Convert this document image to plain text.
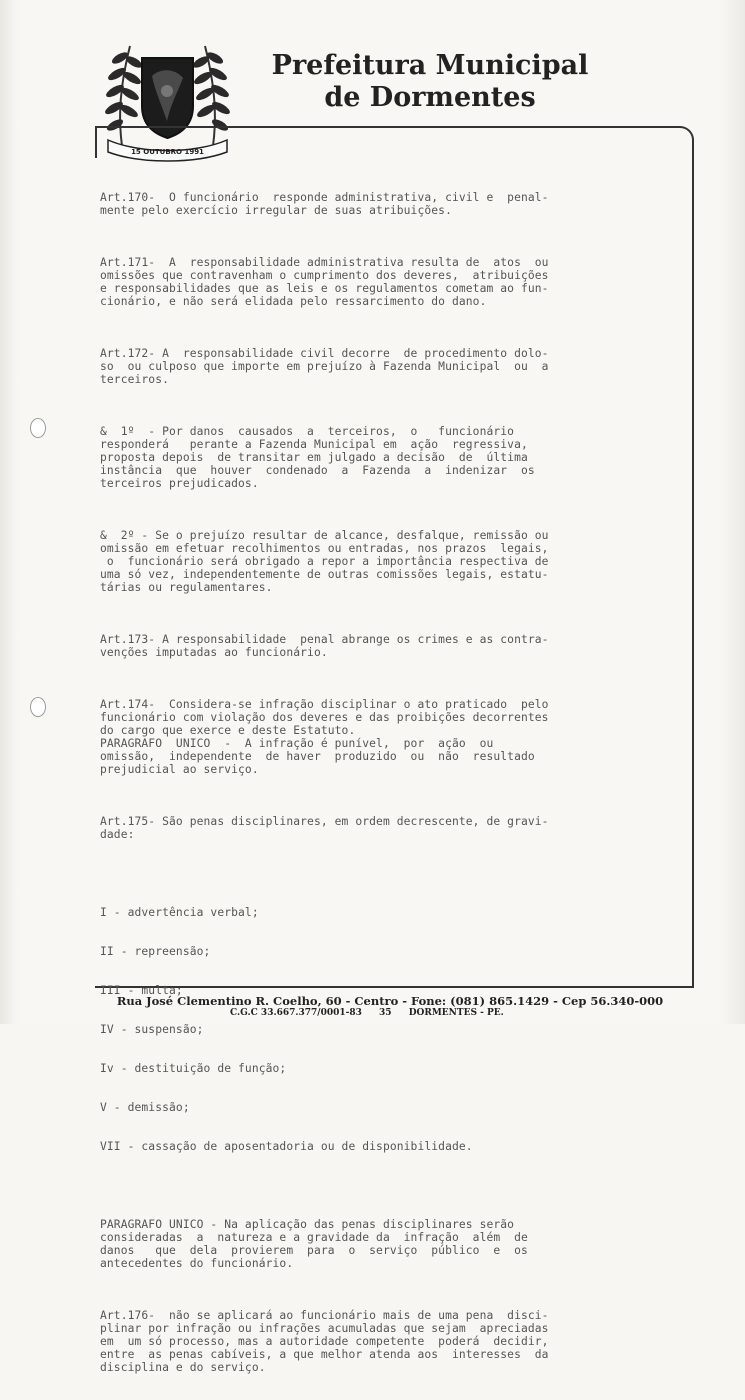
15 OUTUBRO 1991
Prefeitura Municipal
de Dormentes

Art.170-  O funcionário  responde administrativa, civil e  penal-
mente pelo exercício irregular de suas atribuições.

Art.171-  A  responsabilidade administrativa resulta de  atos  ou
omissões que contravenham o cumprimento dos deveres,  atribuições
e responsabilidades que as leis e os regulamentos cometam ao fun-
cionário, e não será elidada pelo ressarcimento do dano.

Art.172- A  responsabilidade civil decorre  de procedimento dolo-
so  ou culposo que importe em prejuízo à Fazenda Municipal  ou  a
terceiros.

&  1º  - Por danos  causados  a  terceiros,  o   funcionário
responderá   perante a Fazenda Municipal em  ação  regressiva,
proposta depois  de transitar em julgado a decisão  de  última
instância  que  houver  condenado  a  Fazenda  a  indenizar  os
terceiros prejudicados.

&  2º - Se o prejuízo resultar de alcance, desfalque, remissão ou
omissão em efetuar recolhimentos ou entradas, nos prazos  legais,
o  funcionário será obrigado a repor a importância respectiva de
uma só vez, independentemente de outras comissões legais, estatu-
tárias ou regulamentares.

Art.173- A responsabilidade  penal abrange os crimes e as contra-
venções imputadas ao funcionário.

Art.174-  Considera-se infração disciplinar o ato praticado  pelo
funcionário com violação dos deveres e das proibições decorrentes
do cargo que exerce e deste Estatuto.
PARAGRAFO  UNICO  -  A infração é punível,  por  ação  ou
omissão,  independente  de haver  produzido  ou  não  resultado
prejudicial ao serviço.

Art.175- São penas disciplinares, em ordem decrescente, de gravi-
dade:

I - advertência verbal;

II - repreensão;

III - multa;

IV - suspensão;

Iv - destituição de função;

V - demissão;

VII - cassação de aposentadoria ou de disponibilidade.

PARAGRAFO UNICO - Na aplicação das penas disciplinares serão
consideradas  a  natureza e a gravidade da  infração  além  de
danos   que  dela  provierem  para  o  serviço  público  e  os
antecedentes do funcionário.

Art.176-  não se aplicará ao funcionário mais de uma pena  disci-
plinar por infração ou infrações acumuladas que sejam  apreciadas
em  um só processo, mas a autoridade competente  poderá  decidir,
entre  as penas cabíveis, a que melhor atenda aos  interesses  da
disciplina e do serviço.

Rua José Clementino R. Coelho, 60 - Centro - Fone: (081) 865.1429 - Cep 56.340-000
C.G.C 33.667.377/0001-83 35 DORMENTES - PE.
